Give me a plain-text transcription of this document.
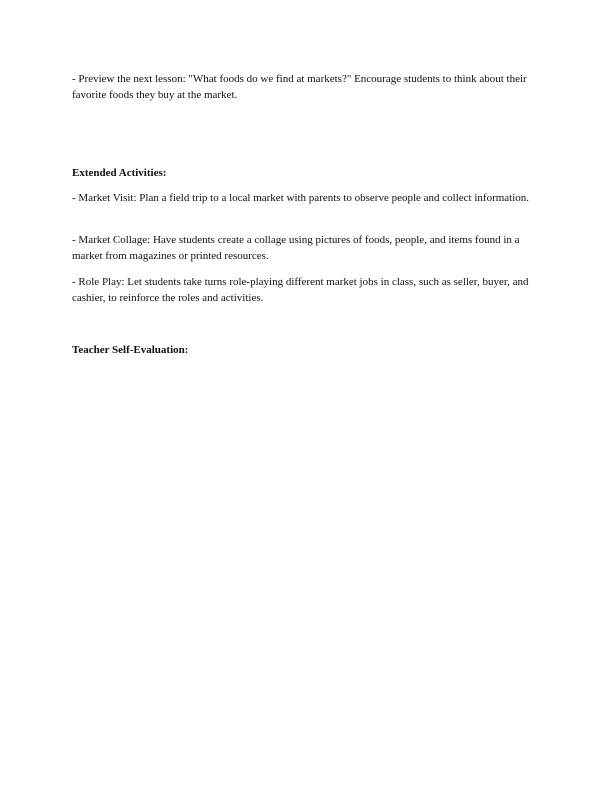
- Preview the next lesson: "What foods do we find at markets?" Encourage students to think about their favorite foods they buy at the market.

Extended Activities:

- Market Visit: Plan a field trip to a local market with parents to observe people and collect information.

- Market Collage: Have students create a collage using pictures of foods, people, and items found in a market from magazines or printed resources.

- Role Play: Let students take turns role-playing different market jobs in class, such as seller, buyer, and cashier, to reinforce the roles and activities.

Teacher Self-Evaluation:
